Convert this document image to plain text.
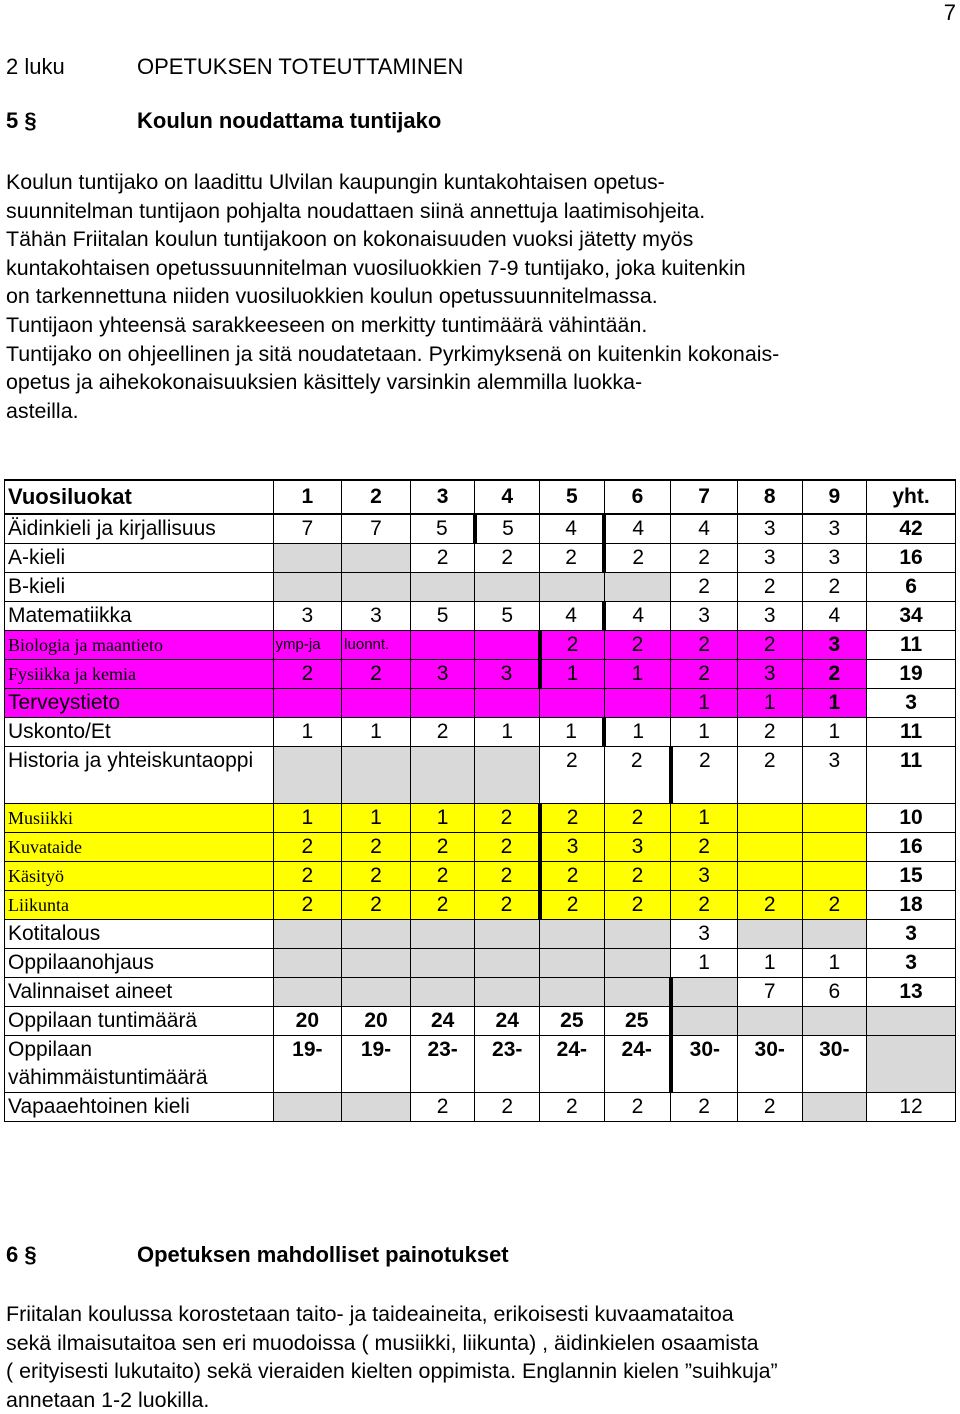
7
2 luku	OPETUKSEN TOTEUTTAMINEN
5 §	Koulun noudattama tuntijako
Koulun tuntijako on laadittu Ulvilan kaupungin kuntakohtaisen opetus-
suunnitelman tuntijaon pohjalta noudattaen siinä annettuja laatimisohjeita.
Tähän Friitalan koulun tuntijakoon on kokonaisuuden vuoksi jätetty myös
kuntakohtaisen opetussuunnitelman vuosiluokkien 7-9 tuntijako, joka kuitenkin
on tarkennettuna niiden vuosiluokkien koulun opetussuunnitelmassa.
Tuntijaon yhteensä sarakkeeseen on merkitty tuntimäärä vähintään.
Tuntijako on ohjeellinen ja sitä noudatetaan. Pyrkimyksenä on kuitenkin kokonais-
opetus ja aihekokonaisuuksien käsittely varsinkin alemmilla luokka-
asteilla.
Vuosiluokat	1	2	3	4	5	6	7	8	9	yht.
Äidinkieli ja kirjallisuus	7	7	5	5	4	4	4	3	3	42
A-kieli			2	2	2	2	2	3	3	16
B-kieli							2	2	2	6
Matematiikka	3	3	5	5	4	4	3	3	4	34
Biologia ja maantieto	ymp-ja	luonnt.			2	2	2	2	3	11
Fysiikka ja kemia	2	2	3	3	1	1	2	3	2	19
Terveystieto							1	1	1	3
Uskonto/Et	1	1	2	1	1	1	1	2	1	11
Historia ja yhteiskuntaoppi					2	2	2	2	3	11
Musiikki	1	1	1	2	2	2	1			10
Kuvataide	2	2	2	2	3	3	2			16
Käsityö	2	2	2	2	2	2	3			15
Liikunta	2	2	2	2	2	2	2	2	2	18
Kotitalous							3			3
Oppilaanohjaus							1	1	1	3
Valinnaiset aineet								7	6	13
Oppilaan tuntimäärä	20	20	24	24	25	25				
Oppilaan vähimmäistuntimäärä	19-	19-	23-	23-	24-	24-	30-	30-	30-	
Vapaaehtoinen kieli			2	2	2	2	2	2		12
6 §	Opetuksen mahdolliset painotukset
Friitalan koulussa korostetaan taito- ja taideaineita, erikoisesti kuvaamataitoa
sekä ilmaisutaitoa sen eri muodoissa ( musiikki, liikunta) , äidinkielen osaamista
( erityisesti lukutaito) sekä vieraiden kielten oppimista. Englannin kielen ”suihkuja”
annetaan 1-2 luokilla.
